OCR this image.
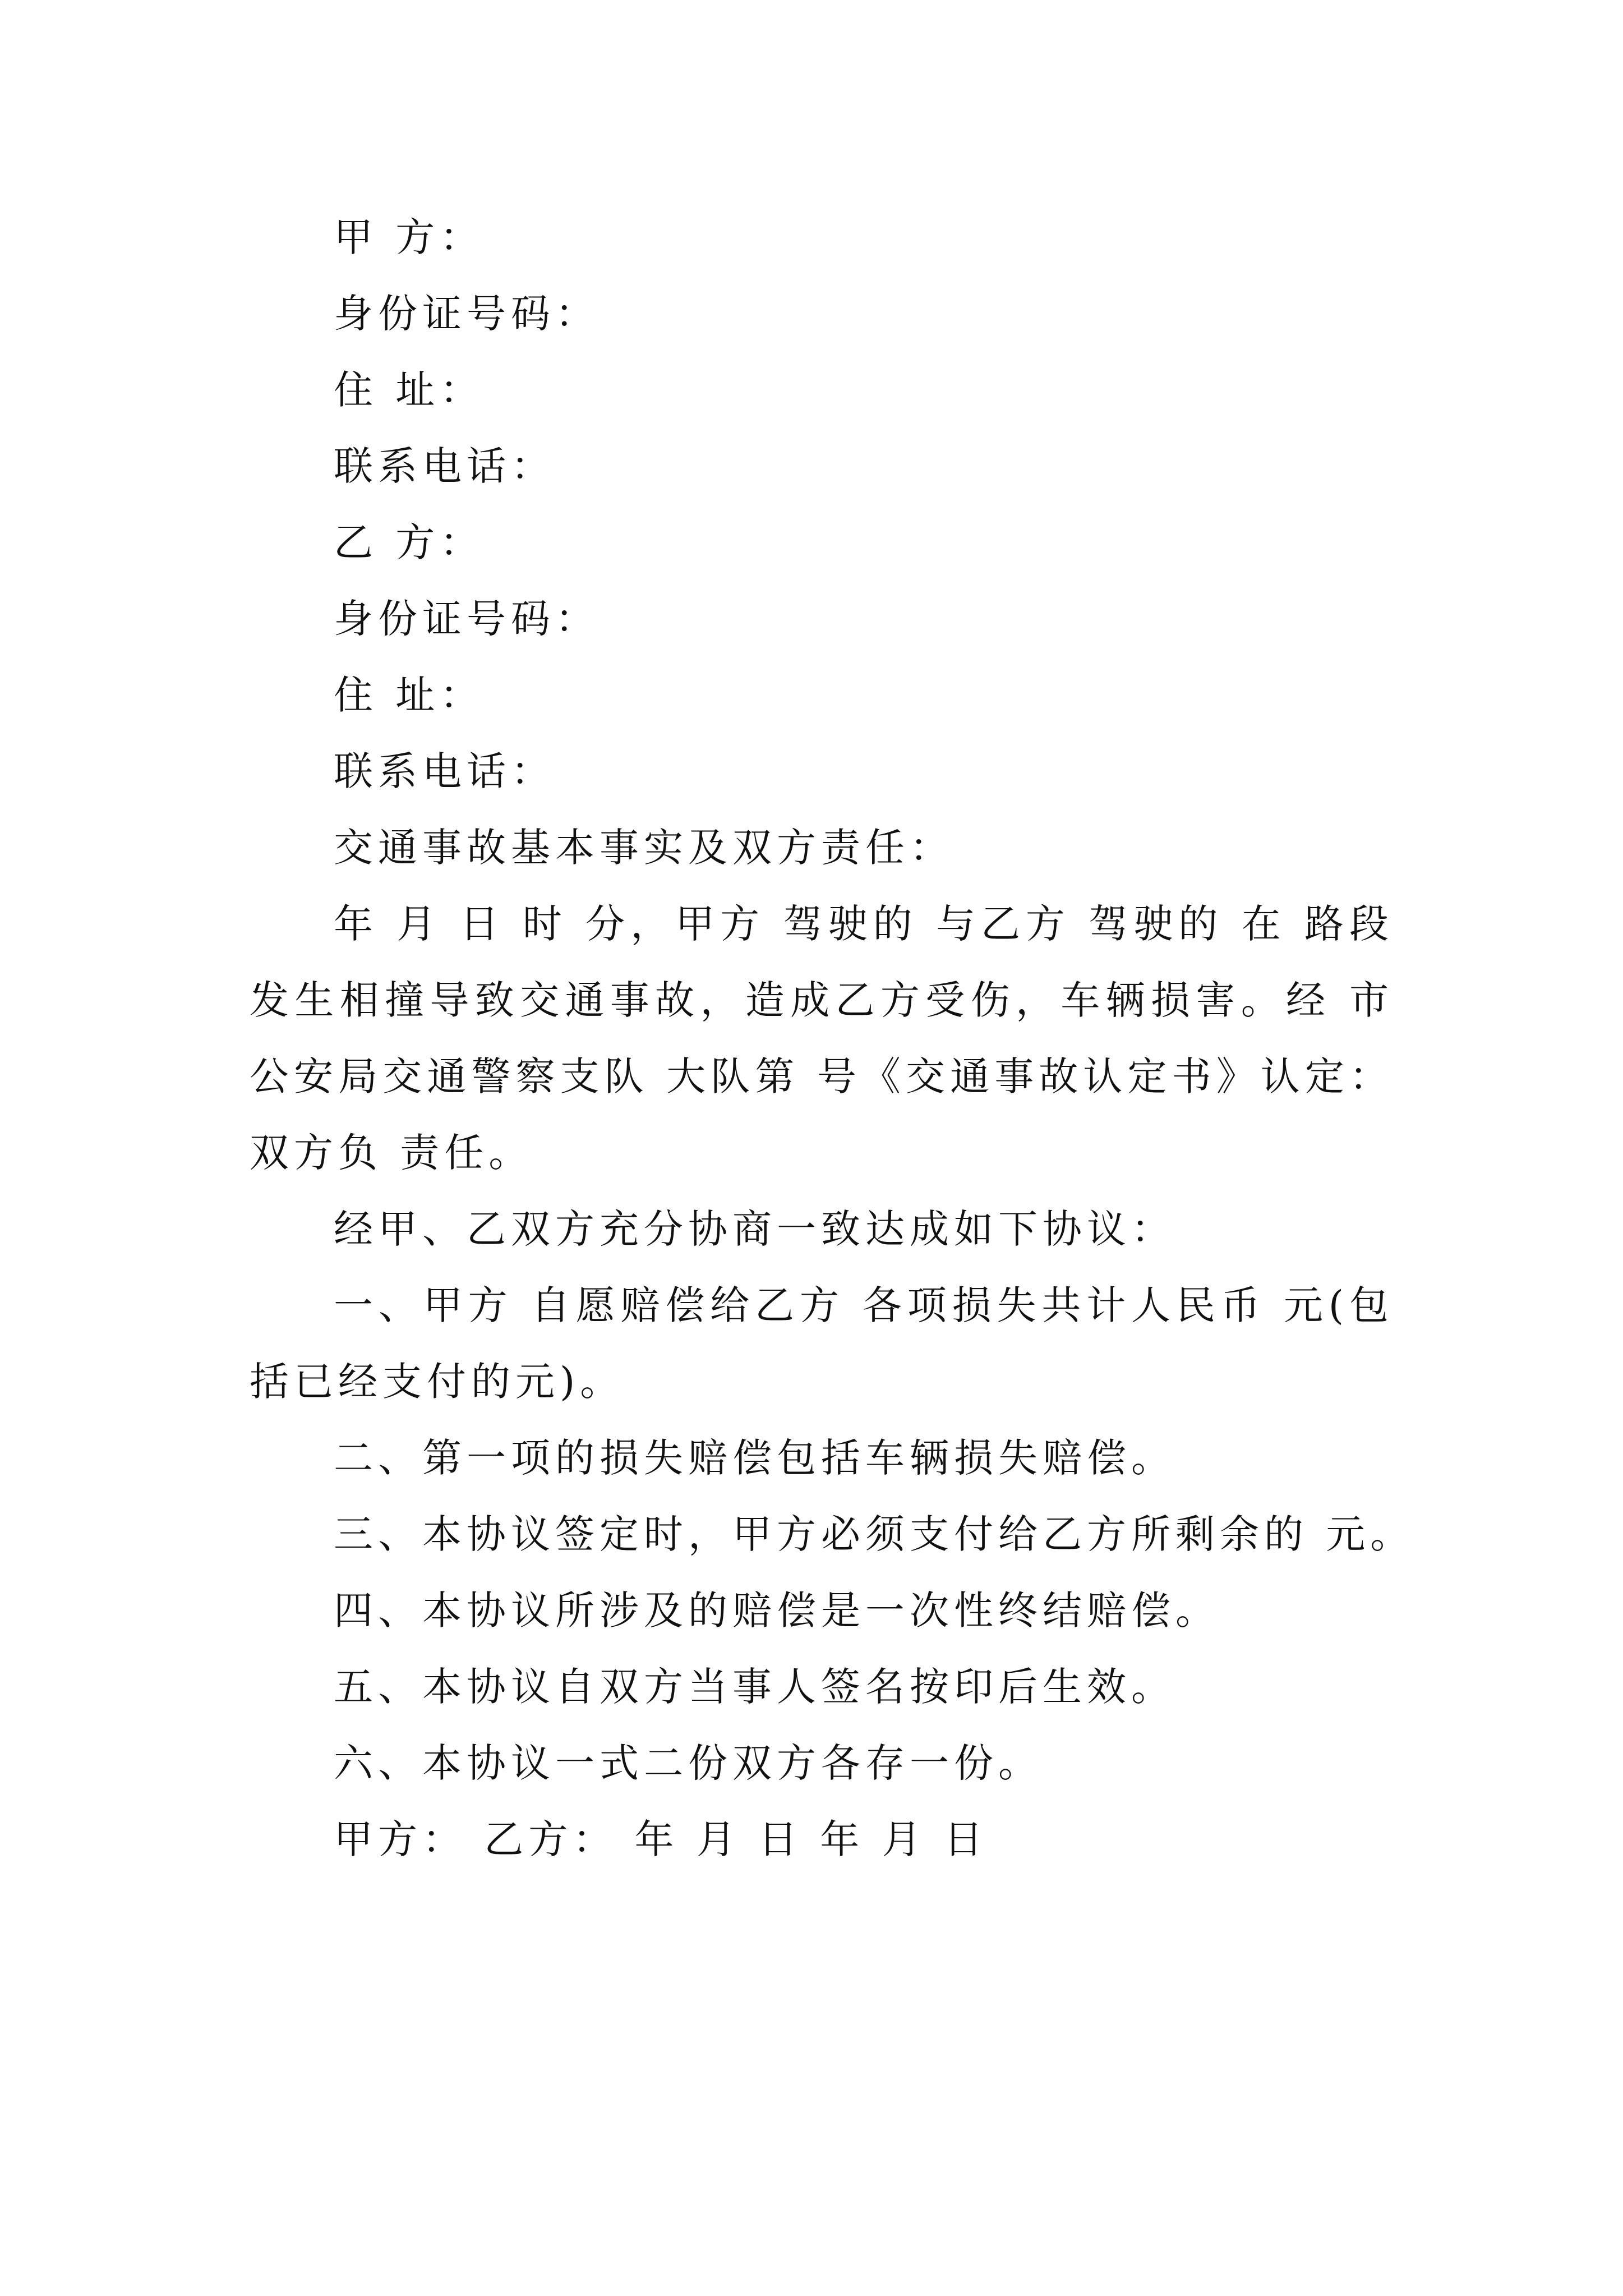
甲 方：
身份证号码：
住 址：
联系电话：
乙 方：
身份证号码：
住 址：
联系电话：
交通事故基本事实及双方责任：

年 月 日 时 分，甲方 驾驶的 与乙方 驾驶的 在 路段发生相撞导致交通事故，造成乙方受伤，车辆损害。经 市公安局交通警察支队 大队第 号《交通事故认定书》认定：双方负 责任。

经甲、乙双方充分协商一致达成如下协议：

一、甲方 自愿赔偿给乙方 各项损失共计人民币 元(包括已经支付的元)。

二、第一项的损失赔偿包括车辆损失赔偿。
三、本协议签定时，甲方必须支付给乙方所剩余的 元。
四、本协议所涉及的赔偿是一次性终结赔偿。
五、本协议自双方当事人签名按印后生效。
六、本协议一式二份双方各存一份。
甲方： 乙方： 年 月 日 年 月 日
